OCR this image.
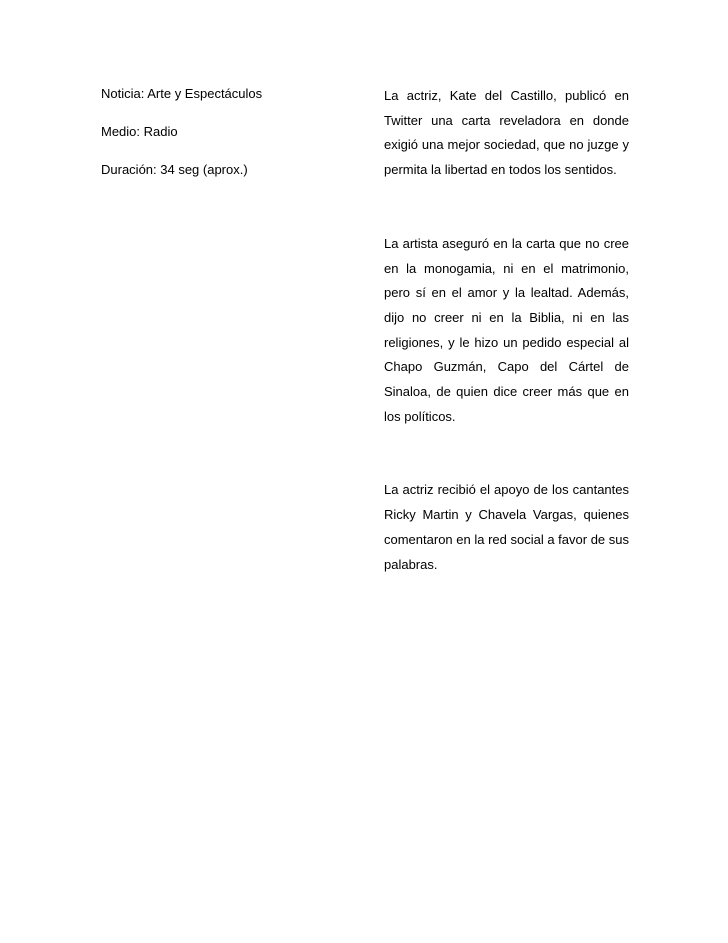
Noticia: Arte y Espectáculos

Medio: Radio

Duración: 34 seg (aprox.)

La actriz, Kate del Castillo, publicó en Twitter una carta reveladora en donde exigió una mejor sociedad, que no juzge y permita la libertad en todos los sentidos.

La artista aseguró en la carta que no cree en la monogamia, ni en el matrimonio, pero sí en el amor y la lealtad. Además, dijo no creer ni en la Biblia, ni en las religiones, y le hizo un pedido especial al Chapo Guzmán, Capo del Cártel de Sinaloa, de quien dice creer más que en los políticos.

La actriz recibió el apoyo de los cantantes Ricky Martin y Chavela Vargas, quienes comentaron en la red social a favor de sus palabras.
